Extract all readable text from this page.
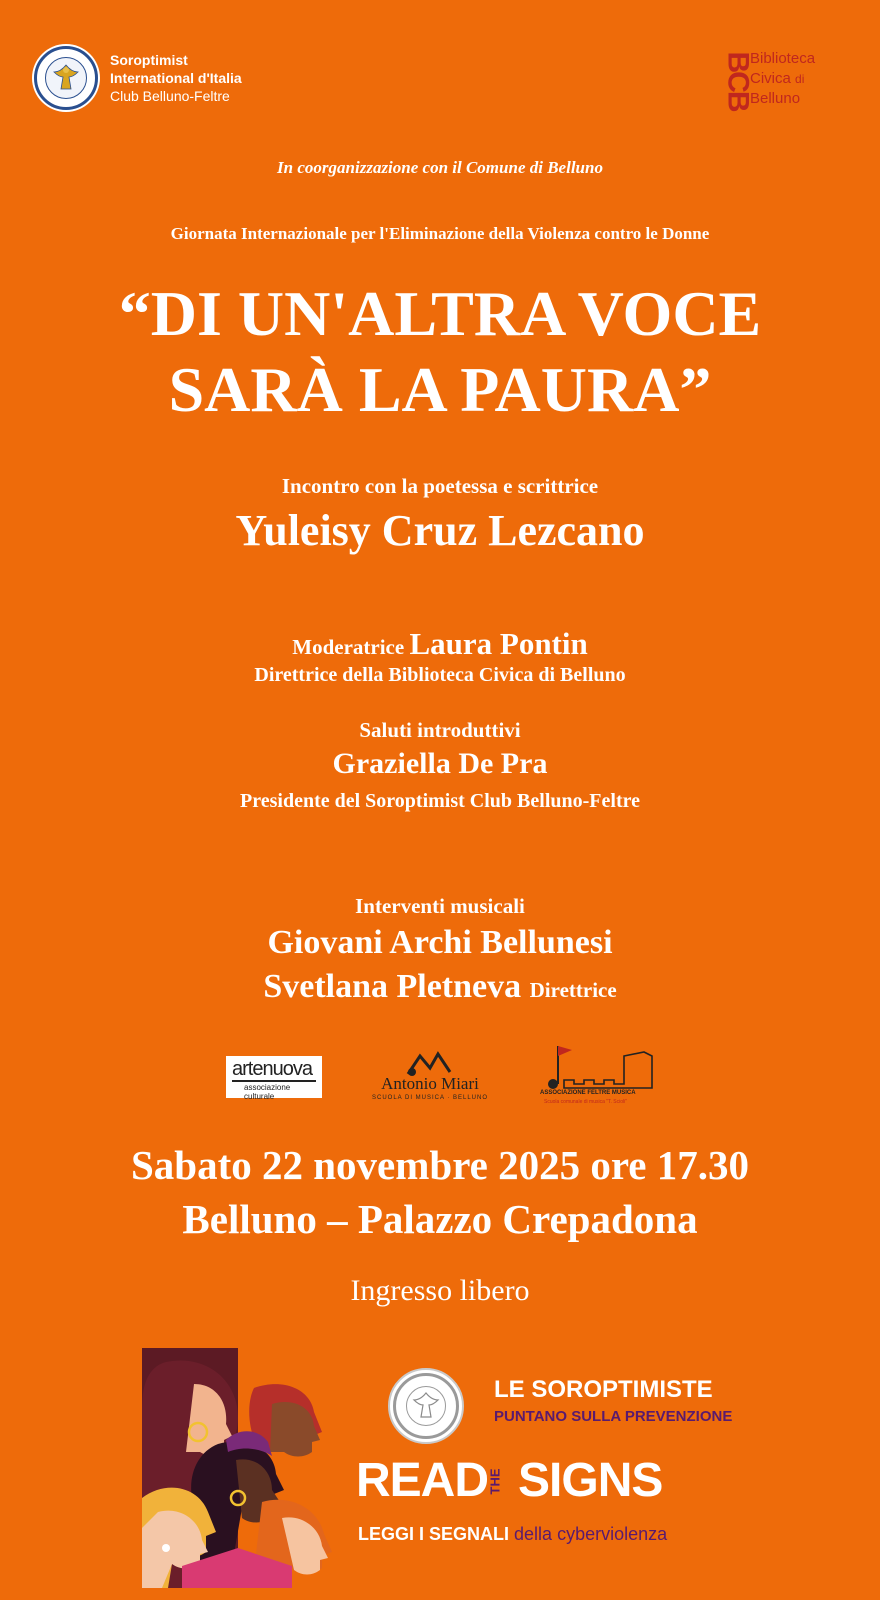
Soroptimist
International d'Italia
Club Belluno-Feltre	BCB
Biblioteca
Civica di
Belluno
In coorganizzazione con il Comune di Belluno
Giornata Internazionale per l'Eliminazione della Violenza contro le Donne
“DI UN'ALTRA VOCE
SARÀ LA PAURA”
Incontro con la poetessa e scrittrice
Yuleisy Cruz Lezcano
Moderatrice Laura Pontin
Direttrice della Biblioteca Civica di Belluno
Saluti introduttivi
Graziella De Pra
Presidente del Soroptimist Club Belluno-Feltre
Interventi musicali
Giovani Archi Bellunesi
Svetlana Pletneva Direttrice
artenuova
associazione culturale
Antonio Miari
SCUOLA DI MUSICA · BELLUNO
ASSOCIAZIONE FELTRE MUSICA
Scuola comunale di musica "T. Scioli"
Sabato 22 novembre 2025 ore 17.30
Belluno – Palazzo Crepadona
Ingresso libero
LE SOROPTIMISTE
PUNTANO SULLA PREVENZIONE
READ THE SIGNS
LEGGI I SEGNALI della cyberviolenza
